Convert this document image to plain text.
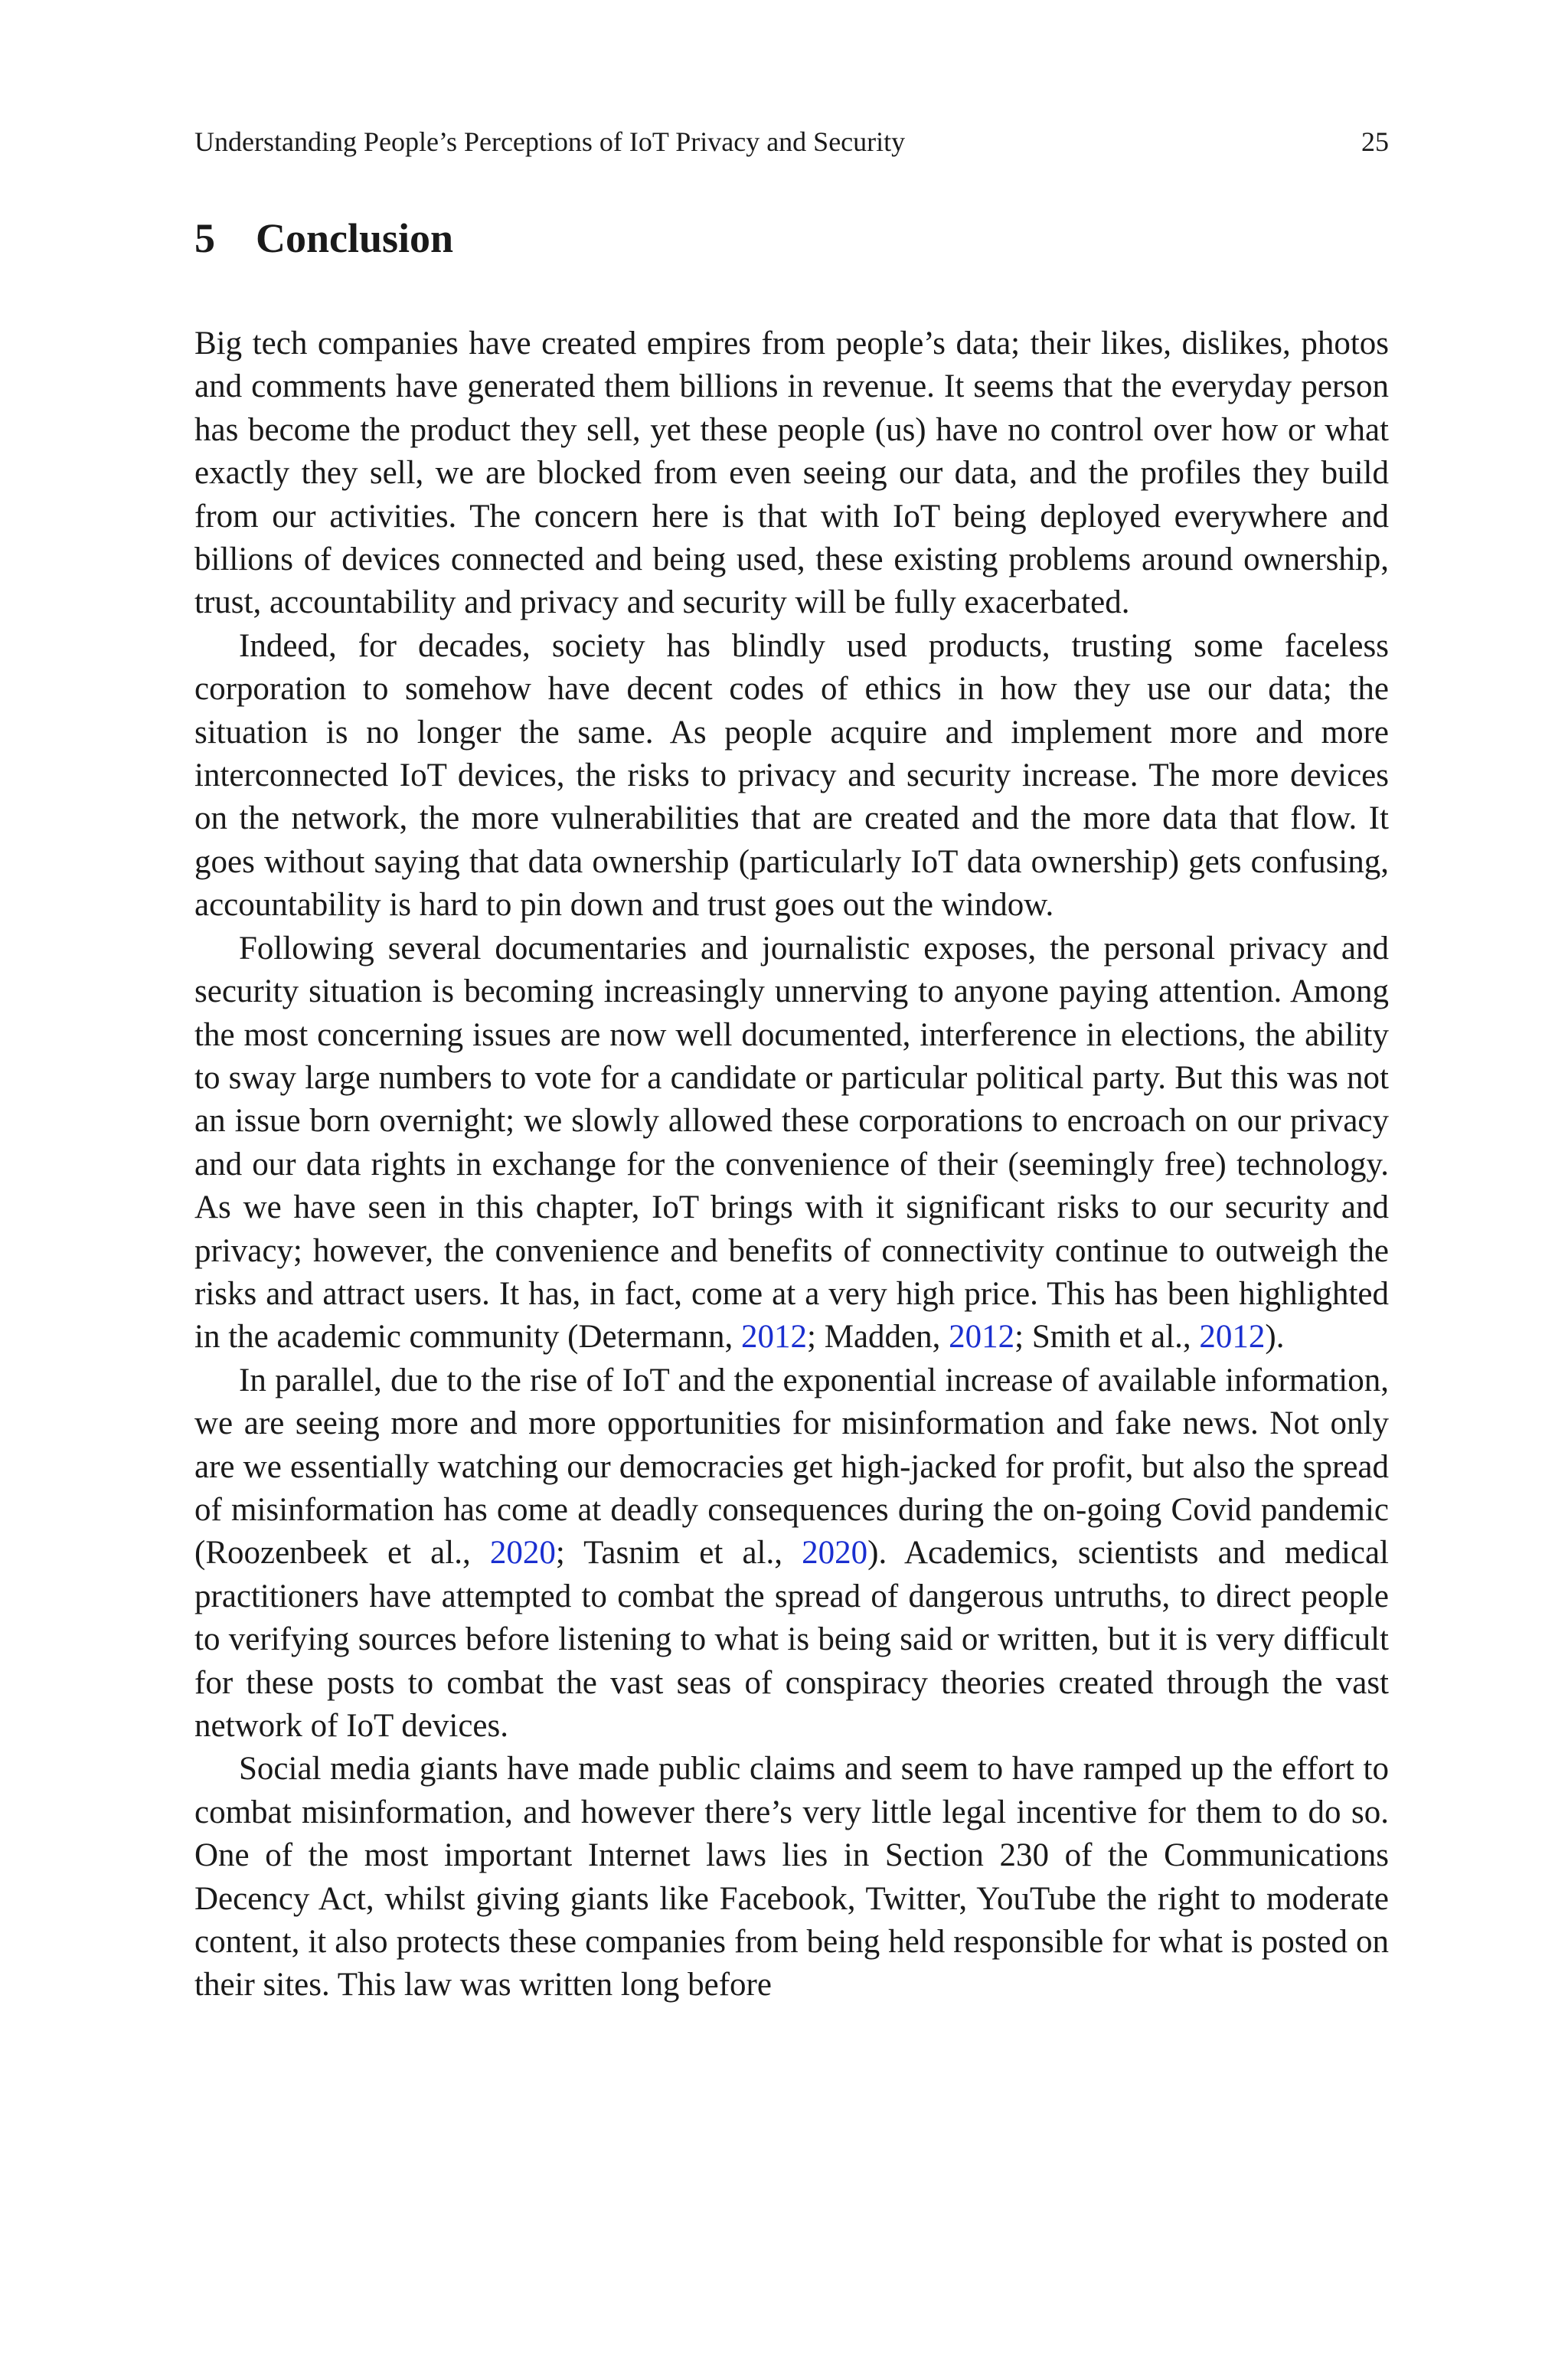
Understanding People’s Perceptions of IoT Privacy and Security	25
5 Conclusion

Big tech companies have created empires from people’s data; their likes, dislikes, photos and comments have generated them billions in revenue. It seems that the everyday person has become the product they sell, yet these people (us) have no control over how or what exactly they sell, we are blocked from even seeing our data, and the profiles they build from our activities. The concern here is that with IoT being deployed everywhere and billions of devices connected and being used, these existing problems around ownership, trust, accountability and privacy and security will be fully exacerbated.

Indeed, for decades, society has blindly used products, trusting some faceless corporation to somehow have decent codes of ethics in how they use our data; the situation is no longer the same. As people acquire and implement more and more interconnected IoT devices, the risks to privacy and security increase. The more devices on the network, the more vulnerabilities that are created and the more data that flow. It goes without saying that data ownership (particularly IoT data ownership) gets confusing, accountability is hard to pin down and trust goes out the window.

Following several documentaries and journalistic exposes, the personal privacy and security situation is becoming increasingly unnerving to anyone paying attention. Among the most concerning issues are now well documented, interference in elections, the ability to sway large numbers to vote for a candidate or particular political party. But this was not an issue born overnight; we slowly allowed these corporations to encroach on our privacy and our data rights in exchange for the convenience of their (seemingly free) technology. As we have seen in this chapter, IoT brings with it significant risks to our security and privacy; however, the convenience and benefits of connectivity continue to outweigh the risks and attract users. It has, in fact, come at a very high price. This has been highlighted in the academic community (Determann, 2012; Madden, 2012; Smith et al., 2012).

In parallel, due to the rise of IoT and the exponential increase of available information, we are seeing more and more opportunities for misinformation and fake news. Not only are we essentially watching our democracies get high-jacked for profit, but also the spread of misinformation has come at deadly consequences during the on-going Covid pandemic (Roozenbeek et al., 2020; Tasnim et al., 2020). Academics, scientists and medical practitioners have attempted to combat the spread of dangerous untruths, to direct people to verifying sources before listening to what is being said or written, but it is very difficult for these posts to combat the vast seas of conspiracy theories created through the vast network of IoT devices.

Social media giants have made public claims and seem to have ramped up the effort to combat misinformation, and however there’s very little legal incentive for them to do so. One of the most important Internet laws lies in Section 230 of the Communications Decency Act, whilst giving giants like Facebook, Twitter, YouTube the right to moderate content, it also protects these companies from being held responsible for what is posted on their sites. This law was written long before
